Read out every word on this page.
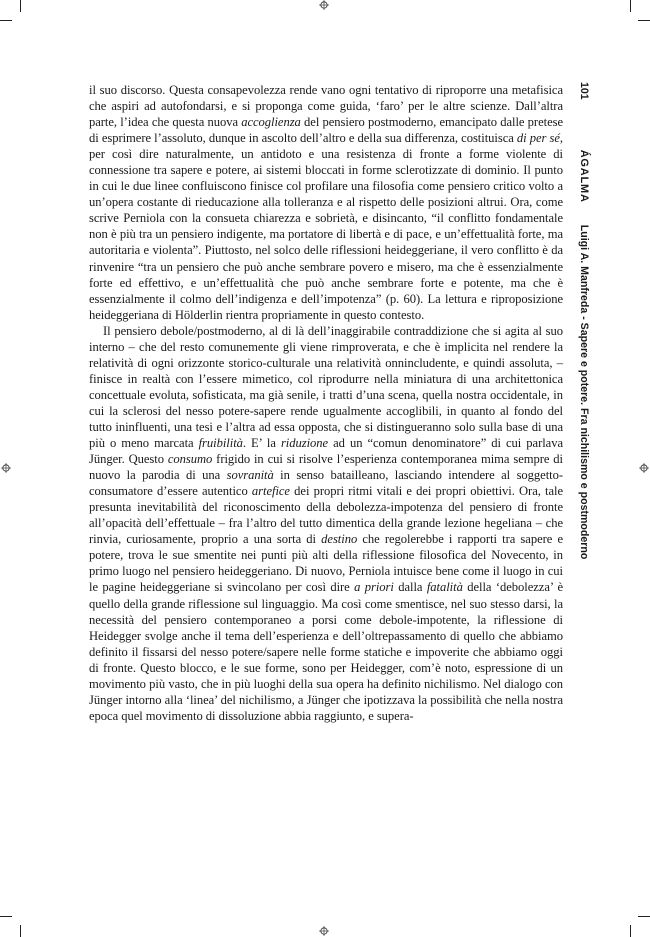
il suo discorso. Questa consapevolezza rende vano ogni tentativo di riproporre una metafisica che aspiri ad autofondarsi, e si proponga come guida, ‘faro’ per le altre scienze. Dall’altra parte, l’idea che questa nuova accoglienza del pensiero postmoderno, emancipato dalle pretese di esprimere l’assoluto, dunque in ascolto dell’altro e della sua differenza, costituisca di per sé, per così dire naturalmente, un antidoto e una resistenza di fronte a forme violente di connessione tra sapere e potere, ai sistemi bloccati in forme sclerotizzate di dominio. Il punto in cui le due linee confluiscono finisce col profilare una filosofia come pensiero critico volto a un’opera costante di rieducazione alla tolleranza e al rispetto delle posizioni altrui. Ora, come scrive Perniola con la consueta chiarezza e sobrietà, e disincanto, “il conflitto fondamentale non è più tra un pensiero indigente, ma portatore di libertà e di pace, e un’effettualità forte, ma autoritaria e violenta”. Piuttosto, nel solco delle riflessioni heideggeriane, il vero conflitto è da rinvenire “tra un pensiero che può anche sembrare povero e misero, ma che è essenzialmente forte ed effettivo, e un’effettualità che può anche sembrare forte e potente, ma che è essenzialmente il colmo dell’indigenza e dell’impotenza” (p. 60). La lettura e riproposizione heideggeriana di Hölderlin rientra propriamente in questo contesto.

Il pensiero debole/postmoderno, al di là dell’inaggirabile contraddizione che si agita al suo interno – che del resto comunemente gli viene rimproverata, e che è implicita nel rendere la relatività di ogni orizzonte storico-culturale una relatività onnincludente, e quindi assoluta, – finisce in realtà con l’essere mimetico, col riprodurre nella miniatura di una architettonica concettuale evoluta, sofisticata, ma già senile, i tratti d’una scena, quella nostra occidentale, in cui la sclerosi del nesso potere-sapere rende ugualmente accoglibili, in quanto al fondo del tutto ininfluenti, una tesi e l’altra ad essa opposta, che si distingueranno solo sulla base di una più o meno marcata fruibilità. E’ la riduzione ad un “comun denominatore” di cui parlava Jünger. Questo consumo frigido in cui si risolve l’esperienza contemporanea mima sempre di nuovo la parodia di una sovranità in senso batailleano, lasciando intendere al soggetto-consumatore d’essere autentico artefice dei propri ritmi vitali e dei propri obiettivi. Ora, tale presunta inevitabilità del riconoscimento della debolezza-impotenza del pensiero di fronte all’opacità dell’effettuale – fra l’altro del tutto dimentica della grande lezione hegeliana – che rinvia, curiosamente, proprio a una sorta di destino che regolerebbe i rapporti tra sapere e potere, trova le sue smentite nei punti più alti della riflessione filosofica del Novecento, in primo luogo nel pensiero heideggeriano. Di nuovo, Perniola intuisce bene come il luogo in cui le pagine heideggeriane si svincolano per così dire a priori dalla fatalità della ‘debolezza’ è quello della grande riflessione sul linguaggio. Ma così come smentisce, nel suo stesso darsi, la necessità del pensiero contemporaneo a porsi come debole-impotente, la riflessione di Heidegger svolge anche il tema dell’esperienza e dell’oltrepassamento di quello che abbiamo definito il fissarsi del nesso potere/sapere nelle forme statiche e impoverite che abbiamo oggi di fronte. Questo blocco, e le sue forme, sono per Heidegger, com’è noto, espressione di un movimento più vasto, che in più luoghi della sua opera ha definito nichilismo. Nel dialogo con Jünger intorno alla ‘linea’ del nichilismo, a Jünger che ipotizzava la possibilità che nella nostra epoca quel movimento di dissoluzione abbia raggiunto, e supera-

101
ÁGALMA
Luigi A. Manfreda - Sapere e potere. Fra nichilismo e postmoderno
